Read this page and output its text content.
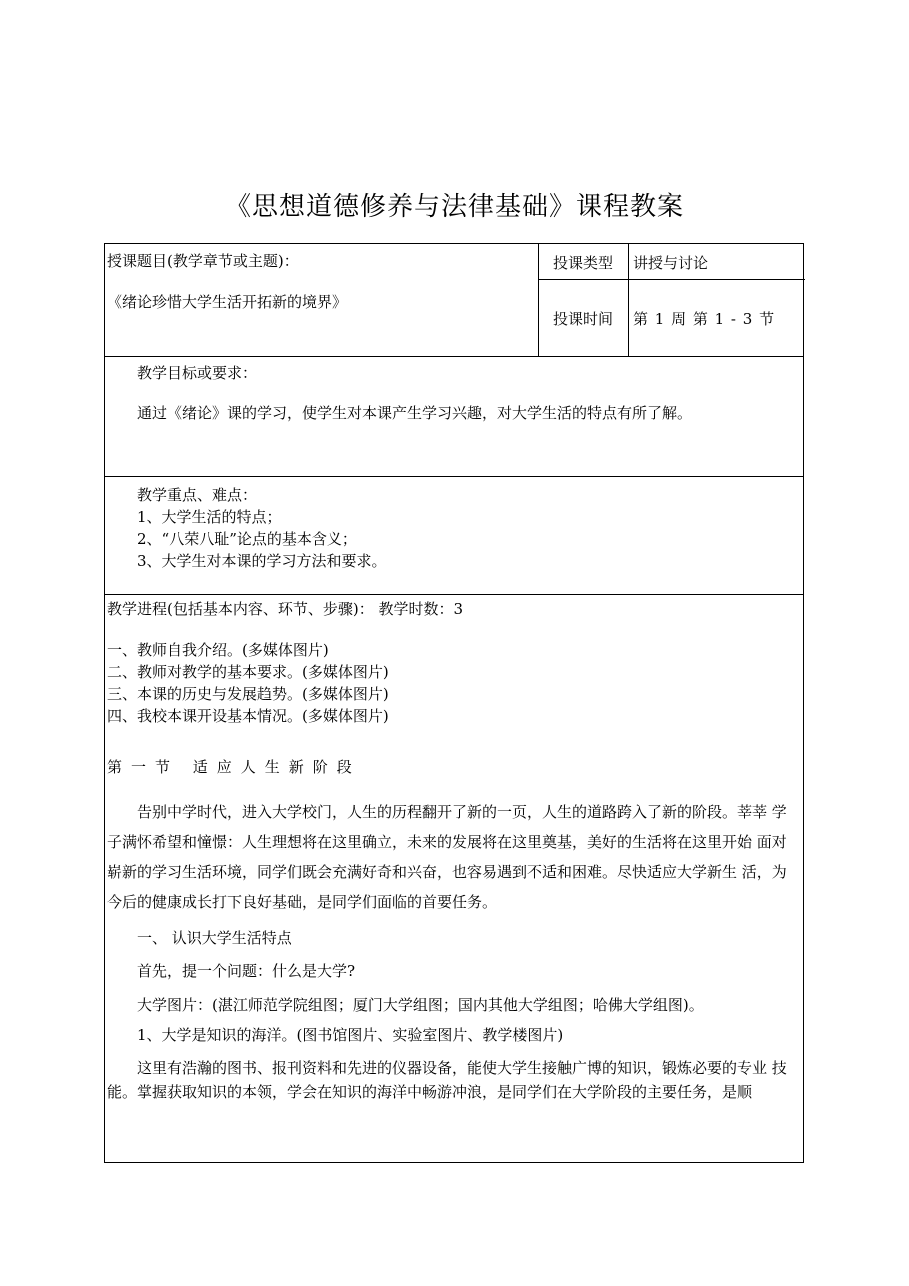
《思想道德修养与法律基础》课程教案
授课题目(教学章节或主题)：
《绪论珍惜大学生活开拓新的境界》
投课类型	讲授与讨论
投课时间	第 1 周 第 1 - 3 节
教学目标或要求：
通过《绪论》课的学习，使学生对本课产生学习兴趣，对大学生活的特点有所了解。
教学重点、难点：
1、大学生活的特点；
2、“八荣八耻”论点的基本含义；
3、大学生对本课的学习方法和要求。
教学进程(包括基本内容、环节、步骤)： 教学时数：3
一、教师自我介绍。(多媒体图片)
二、教师对教学的基本要求。(多媒体图片)
三、本课的历史与发展趋势。(多媒体图片)
四、我校本课开设基本情况。(多媒体图片)
第一节 适应人生新阶段
告别中学时代，进入大学校门，人生的历程翻开了新的一页，人生的道路跨入了新的阶段。莘莘 学子满怀希望和憧憬：人生理想将在这里确立，未来的发展将在这里奠基，美好的生活将在这里开始 面对崭新的学习生活环境，同学们既会充满好奇和兴奋，也容易遇到不适和困难。尽快适应大学新生 活，为今后的健康成长打下良好基础，是同学们面临的首要任务。
一、 认识大学生活特点
首先，提一个问题：什么是大学?
大学图片：(湛江师范学院组图；厦门大学组图；国内其他大学组图；哈佛大学组图)。
1、大学是知识的海洋。(图书馆图片、实验室图片、教学楼图片)
这里有浩瀚的图书、报刊资料和先进的仪器设备，能使大学生接触广博的知识，锻炼必要的专业 技能。掌握获取知识的本领，学会在知识的海洋中畅游冲浪，是同学们在大学阶段的主要任务，是顺
